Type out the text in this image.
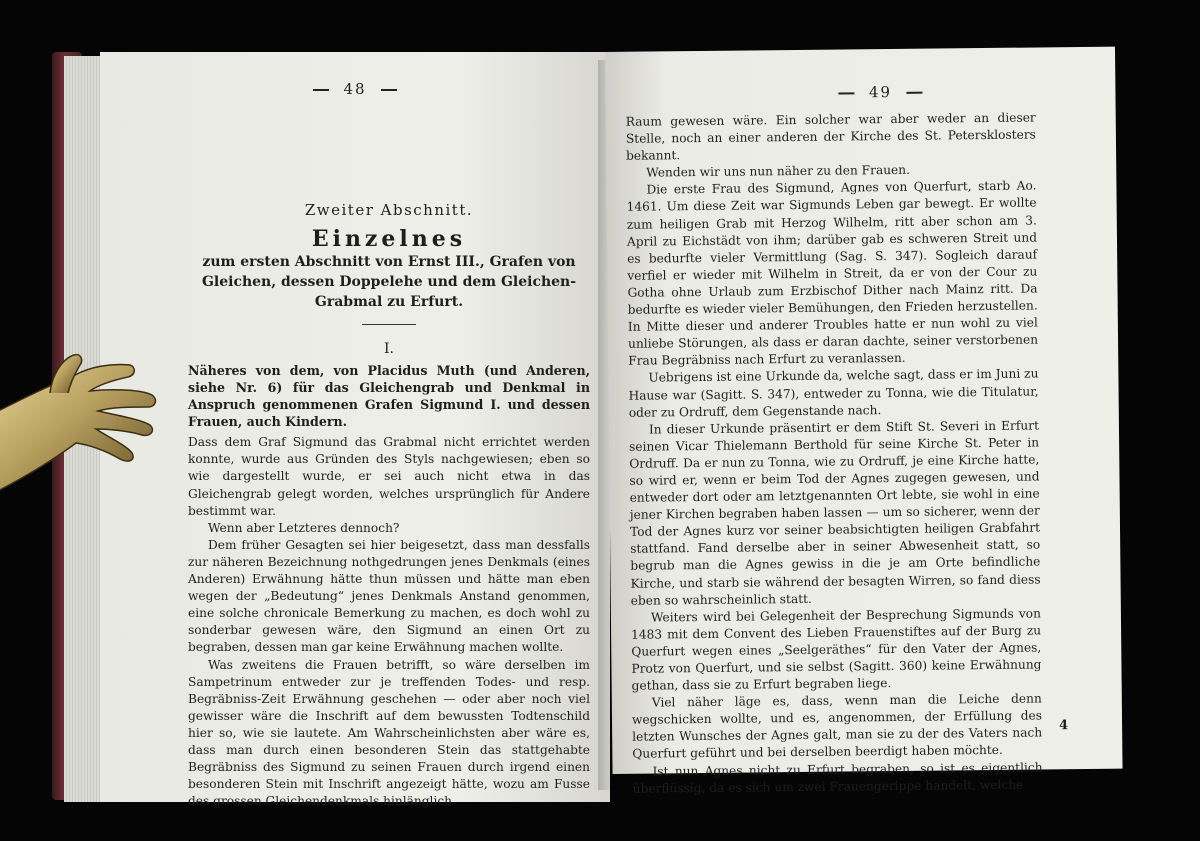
48

Zweiter Abschnitt.

Einzelnes

zum ersten Abschnitt von Ernst III., Grafen von Gleichen, dessen Doppelehe und dem Gleichen-Grabmal zu Erfurt.

I.

Näheres von dem, von Placidus Muth (und Anderen, siehe Nr. 6) für das Gleichengrab und Denkmal in Anspruch genommenen Grafen Sigmund I. und dessen Frauen, auch Kindern.

Dass dem Graf Sigmund das Grabmal nicht errichtet werden konnte, wurde aus Gründen des Styls nachgewiesen; eben so wie dargestellt wurde, er sei auch nicht etwa in das Gleichengrab gelegt worden, welches ursprünglich für Andere bestimmt war.

Wenn aber Letzteres dennoch?

Dem früher Gesagten sei hier beigesetzt, dass man dessfalls zur näheren Bezeichnung nothgedrungen jenes Denkmals (eines Anderen) Erwähnung hätte thun müssen und hätte man eben wegen der „Bedeutung“ jenes Denkmals Anstand genommen, eine solche chronicale Bemerkung zu machen, es doch wohl zu sonderbar gewesen wäre, den Sigmund an einen Ort zu begraben, dessen man gar keine Erwähnung machen wollte.

Was zweitens die Frauen betrifft, so wäre derselben im Sampetrinum entweder zur je treffenden Todes- und resp. Begräbniss-Zeit Erwähnung geschehen — oder aber noch viel gewisser wäre die Inschrift auf dem bewussten Todtenschild hier so, wie sie lautete. Am Wahrscheinlichsten aber wäre es, dass man durch einen besonderen Stein das stattgehabte Begräbniss des Sigmund zu seinen Frauen durch irgend einen besonderen Stein mit Inschrift angezeigt hätte, wozu am Fusse des grossen Gleichendenkmals hinlänglich

49

Raum gewesen wäre. Ein solcher war aber weder an dieser Stelle, noch an einer anderen der Kirche des St. Petersklosters bekannt.

Wenden wir uns nun näher zu den Frauen.

Die erste Frau des Sigmund, Agnes von Querfurt, starb Ao. 1461. Um diese Zeit war Sigmunds Leben gar bewegt. Er wollte zum heiligen Grab mit Herzog Wilhelm, ritt aber schon am 3. April zu Eichstädt von ihm; darüber gab es schweren Streit und es bedurfte vieler Vermittlung (Sag. S. 347). Sogleich darauf verfiel er wieder mit Wilhelm in Streit, da er von der Cour zu Gotha ohne Urlaub zum Erzbischof Dither nach Mainz ritt. Da bedurfte es wieder vieler Bemühungen, den Frieden herzustellen. In Mitte dieser und anderer Troubles hatte er nun wohl zu viel unliebe Störungen, als dass er daran dachte, seiner verstorbenen Frau Begräbniss nach Erfurt zu veranlassen.

Uebrigens ist eine Urkunde da, welche sagt, dass er im Juni zu Hause war (Sagitt. S. 347), entweder zu Tonna, wie die Titulatur, oder zu Ordruff, dem Gegenstande nach.

In dieser Urkunde präsentirt er dem Stift St. Severi in Erfurt seinen Vicar Thielemann Berthold für seine Kirche St. Peter in Ordruff. Da er nun zu Tonna, wie zu Ordruff, je eine Kirche hatte, so wird er, wenn er beim Tod der Agnes zugegen gewesen, und entweder dort oder am letztgenannten Ort lebte, sie wohl in eine jener Kirchen begraben haben lassen — um so sicherer, wenn der Tod der Agnes kurz vor seiner beabsichtigten heiligen Grabfahrt stattfand. Fand derselbe aber in seiner Abwesenheit statt, so begrub man die Agnes gewiss in die je am Orte befindliche Kirche, und starb sie während der besagten Wirren, so fand diess eben so wahrscheinlich statt.

Weiters wird bei Gelegenheit der Besprechung Sigmunds von 1483 mit dem Convent des Lieben Frauenstiftes auf der Burg zu Querfurt wegen eines „Seelgeräthes“ für den Vater der Agnes, Protz von Querfurt, und sie selbst (Sagitt. 360) keine Erwähnung gethan, dass sie zu Erfurt begraben liege.

Viel näher läge es, dass, wenn man die Leiche denn wegschicken wollte, und es, angenommen, der Erfüllung des letzten Wunsches der Agnes galt, man sie zu der des Vaters nach Querfurt geführt und bei derselben beerdigt haben möchte.

Ist nun Agnes nicht zu Erfurt begraben, so ist es eigentlich überflüssig, da es sich um zwei Frauengerippe handelt, welche

4
